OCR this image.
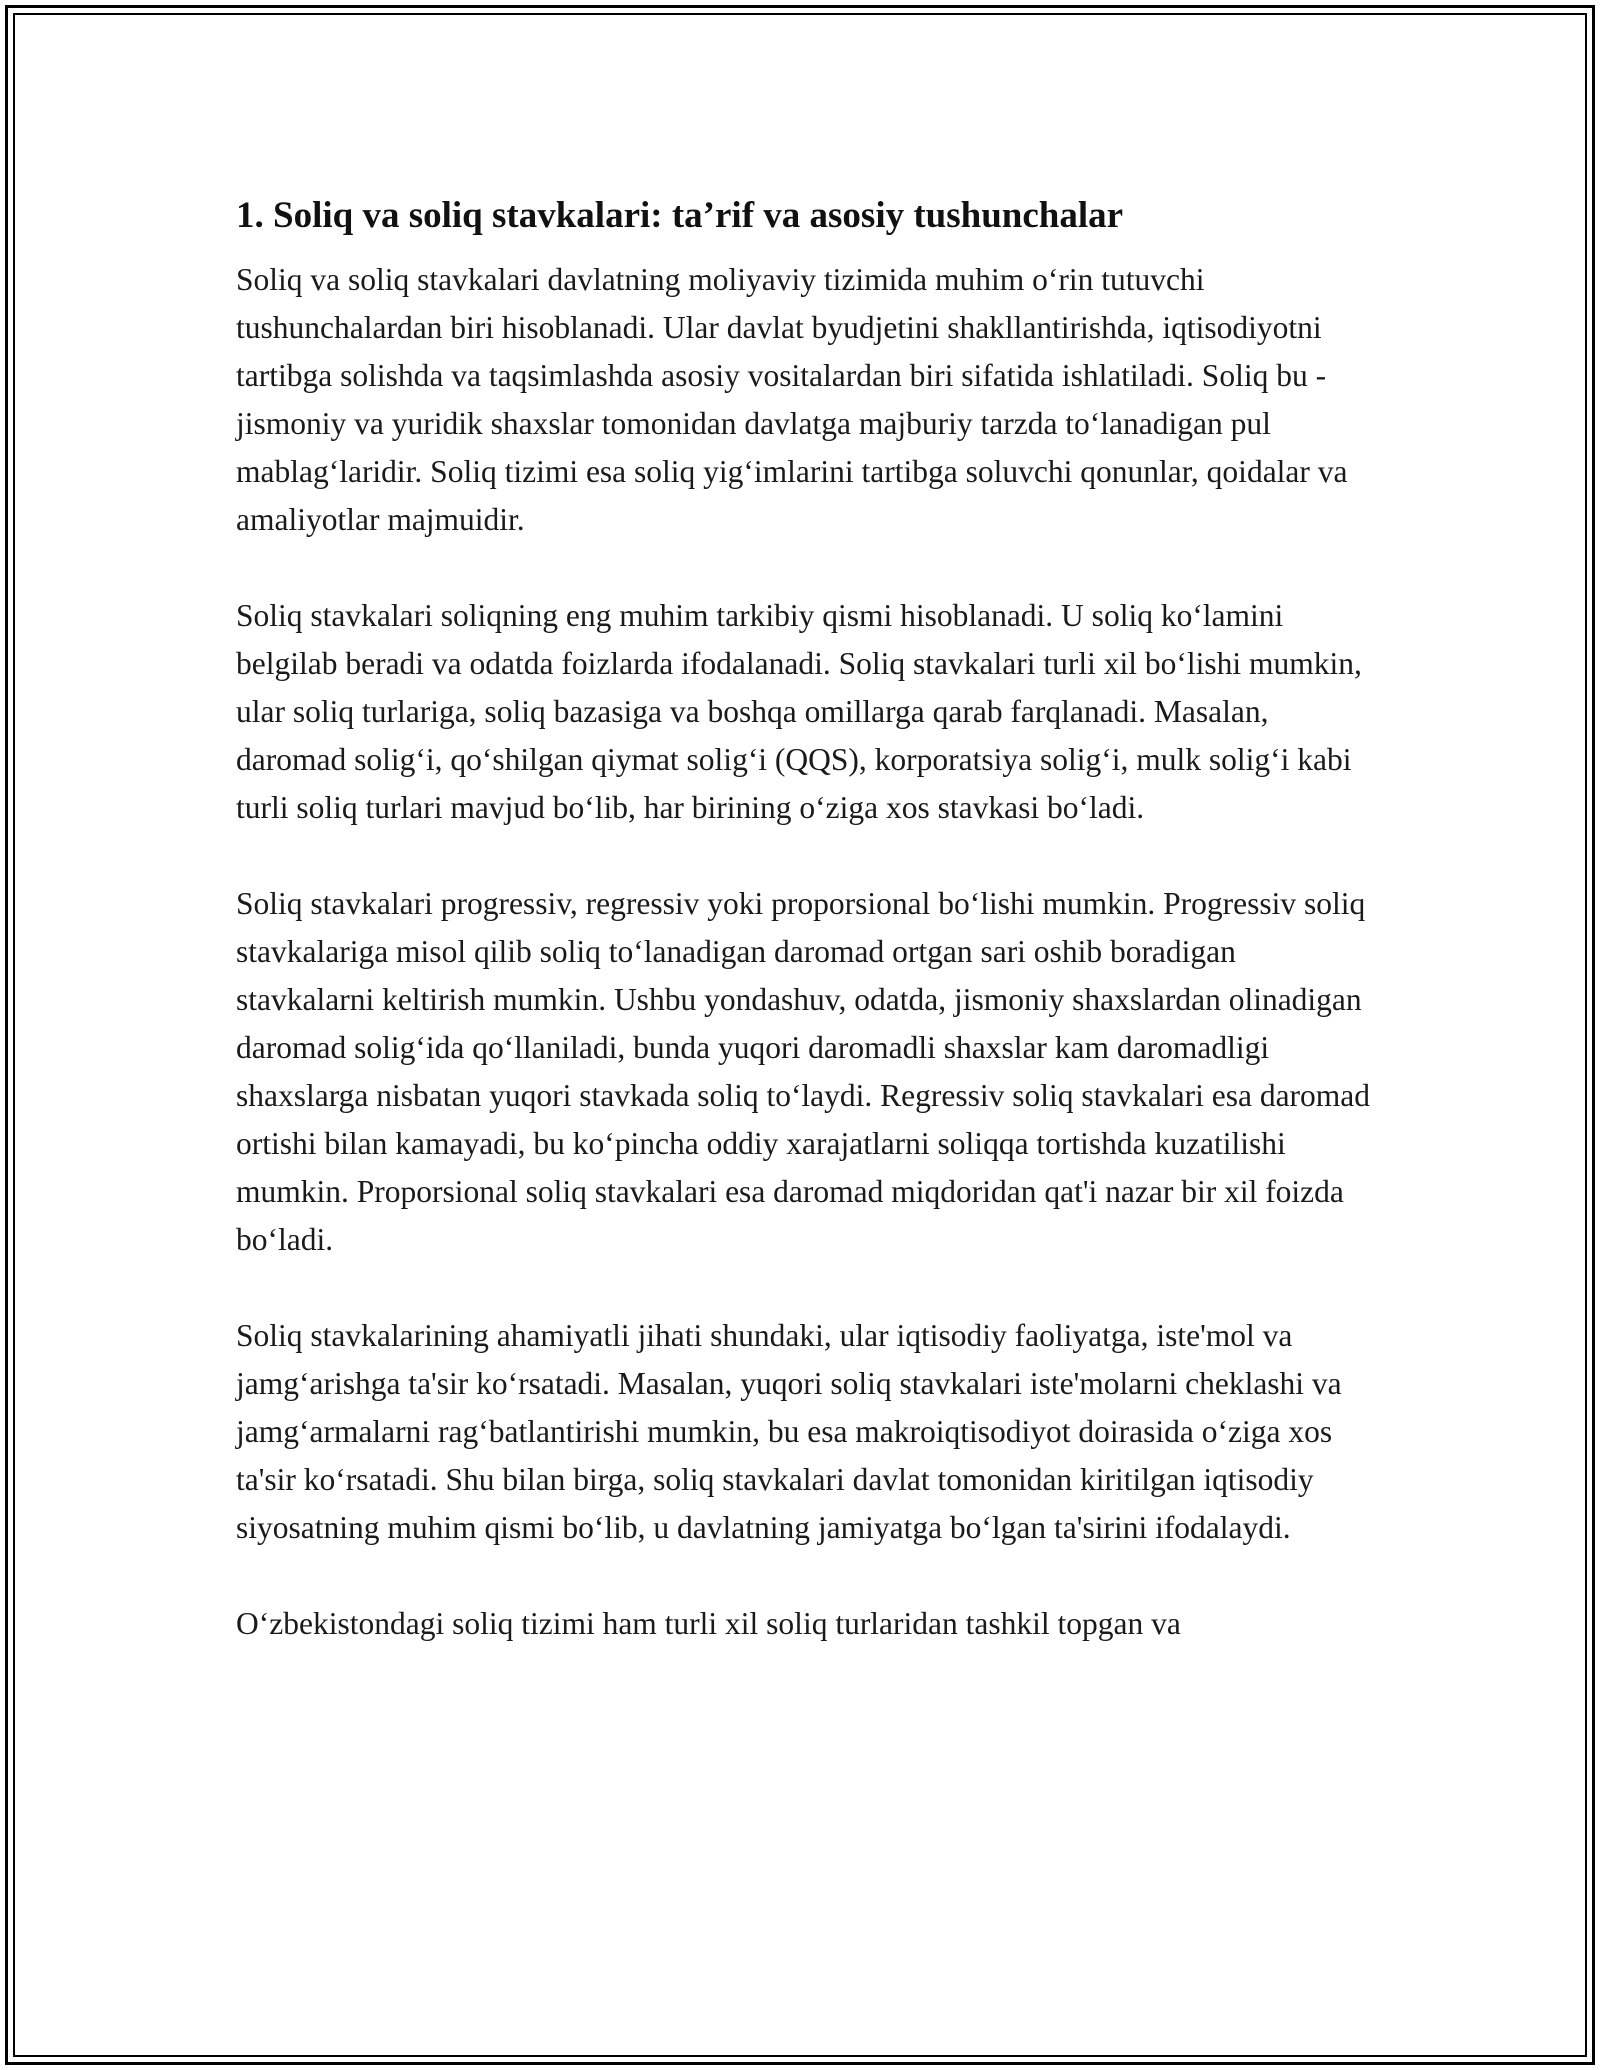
1. Soliq va soliq stavkalari: ta’rif va asosiy tushunchalar

Soliq va soliq stavkalari davlatning moliyaviy tizimida muhim o‘rin tutuvchi tushunchalardan biri hisoblanadi. Ular davlat byudjetini shakllantirishda, iqtisodiyotni tartibga solishda va taqsimlashda asosiy vositalardan biri sifatida ishlatiladi. Soliq bu - jismoniy va yuridik shaxslar tomonidan davlatga majburiy tarzda to‘lanadigan pul mablag‘laridir. Soliq tizimi esa soliq yig‘imlarini tartibga soluvchi qonunlar, qoidalar va amaliyotlar majmuidir.

Soliq stavkalari soliqning eng muhim tarkibiy qismi hisoblanadi. U soliq ko‘lamini belgilab beradi va odatda foizlarda ifodalanadi. Soliq stavkalari turli xil bo‘lishi mumkin, ular soliq turlariga, soliq bazasiga va boshqa omillarga qarab farqlanadi. Masalan, daromad solig‘i, qo‘shilgan qiymat solig‘i (QQS), korporatsiya solig‘i, mulk solig‘i kabi turli soliq turlari mavjud bo‘lib, har birining o‘ziga xos stavkasi bo‘ladi.

Soliq stavkalari progressiv, regressiv yoki proporsional bo‘lishi mumkin. Progressiv soliq stavkalariga misol qilib soliq to‘lanadigan daromad ortgan sari oshib boradigan stavkalarni keltirish mumkin. Ushbu yondashuv, odatda, jismoniy shaxslardan olinadigan daromad solig‘ida qo‘llaniladi, bunda yuqori daromadli shaxslar kam daromadligi shaxslarga nisbatan yuqori stavkada soliq to‘laydi. Regressiv soliq stavkalari esa daromad ortishi bilan kamayadi, bu ko‘pincha oddiy xarajatlarni soliqqa tortishda kuzatilishi mumkin. Proporsional soliq stavkalari esa daromad miqdoridan qat'i nazar bir xil foizda bo‘ladi.

Soliq stavkalarining ahamiyatli jihati shundaki, ular iqtisodiy faoliyatga, iste'mol va jamg‘arishga ta'sir ko‘rsatadi. Masalan, yuqori soliq stavkalari iste'molarni cheklashi va jamg‘armalarni rag‘batlantirishi mumkin, bu esa makroiqtisodiyot doirasida o‘ziga xos ta'sir ko‘rsatadi. Shu bilan birga, soliq stavkalari davlat tomonidan kiritilgan iqtisodiy siyosatning muhim qismi bo‘lib, u davlatning jamiyatga bo‘lgan ta'sirini ifodalaydi.

O‘zbekistondagi soliq tizimi ham turli xil soliq turlaridan tashkil topgan va
